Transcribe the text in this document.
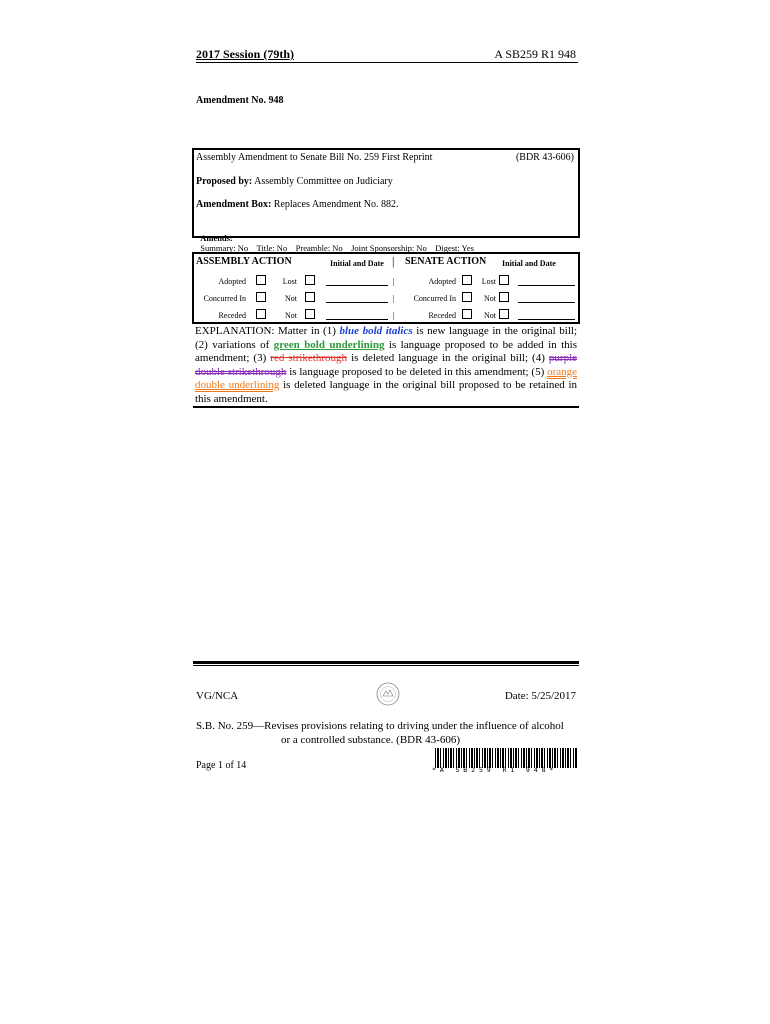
2017 Session (79th)	A SB259 R1 948
Amendment No. 948
Assembly Amendment to Senate Bill No. 259 First Reprint	(BDR 43-606)
Proposed by: Assembly Committee on Judiciary
Amendment Box: Replaces Amendment No. 882.

Amends:
Summary: No    Title: No    Preamble: No    Joint Sponsorship: No    Digest: Yes

ASSEMBLY ACTION	Initial and Date | SENATE ACTION Initial and Date
Adopted	Lost	|	Adopted	Lost
Concurred In	Not	|	Concurred In	Not
Receded	Not	|	Receded	Not
EXPLANATION: Matter in (1) blue bold italics is new language in the original bill; (2) variations of green bold underlining is language proposed to be added in this amendment; (3) red strikethrough is deleted language in the original bill; (4) purple double strikethrough is language proposed to be deleted in this amendment; (5) orange double underlining is deleted language in the original bill proposed to be retained in this amendment.
VG/NCA	Date: 5/25/2017
S.B. No. 259—Revises provisions relating to driving under the influence of alcohol
or a controlled substance. (BDR 43-606)
Page 1 of 14	* A   S B 2 5 9   R 1   9 4 8 *
